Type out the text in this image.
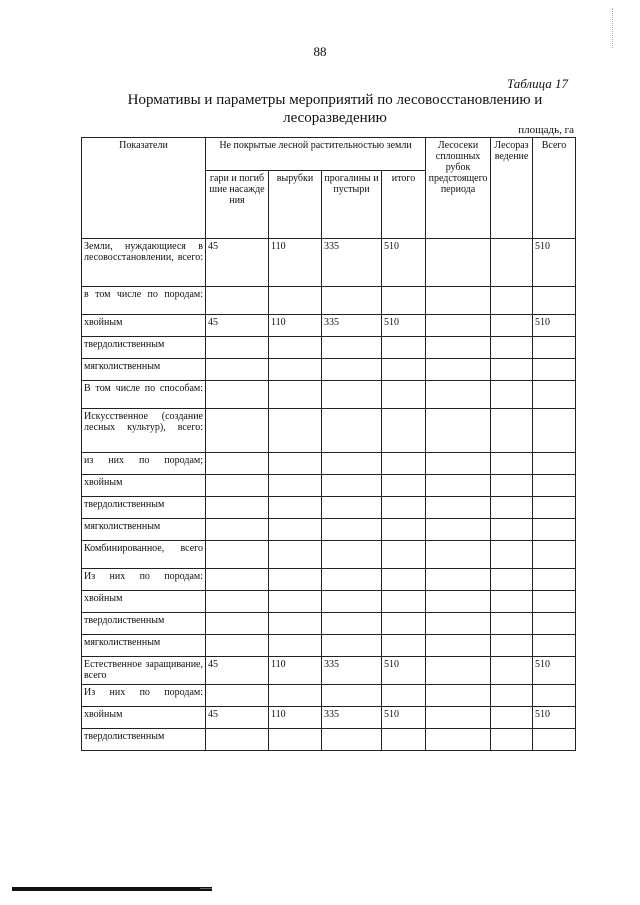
88
Таблица 17
Нормативы и параметры мероприятий по лесовосстановлению и лесоразведению
площадь, га
Показатели	Не покрытые лесной растительностью земли				Лесосеки сплошных рубок предстоящего периода	Лесоразведение	Всего
	гари и погибшие насаждения	вырубки	прогалины и пустыри	итого			
Земли, нуждающиеся в лесовосстановлении, всего:	45	110	335	510			510
в том числе по породам:							
хвойным	45	110	335	510			510
твердолиственным							
мягколиственным							
В том числе по способам:							
Искусственное (создание лесных культур), всего:							
из них по породам;							
хвойным							
твердолиственным							
мягколиственным							
Комбинированное, всего							
Из них по породам:							
хвойным							
твердолиственным							
мягколиственным							
Естественное заращивание, всего	45	110	335	510			510
Из них по породам:							
хвойным	45	110	335	510			510
твердолиственным							
